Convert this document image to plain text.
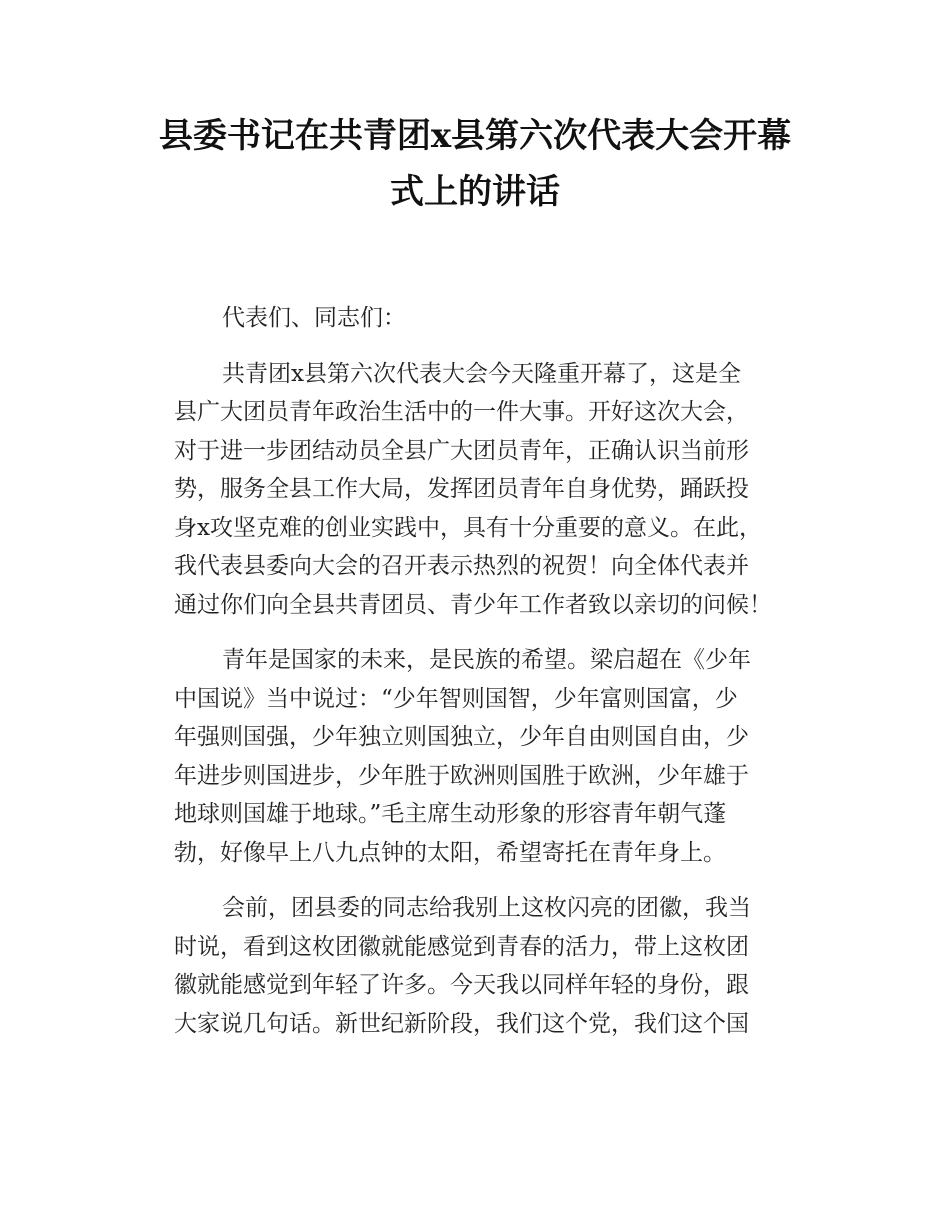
县委书记在共青团x县第六次代表大会开幕
式上的讲话

代表们、同志们：

共青团x县第六次代表大会今天隆重开幕了，这是全
县广大团员青年政治生活中的一件大事。开好这次大会，
对于进一步团结动员全县广大团员青年，正确认识当前形
势，服务全县工作大局，发挥团员青年自身优势，踊跃投
身x攻坚克难的创业实践中，具有十分重要的意义。在此，
我代表县委向大会的召开表示热烈的祝贺！向全体代表并
通过你们向全县共青团员、青少年工作者致以亲切的问候！

青年是国家的未来，是民族的希望。梁启超在《少年
中国说》当中说过：“少年智则国智，少年富则国富，少
年强则国强，少年独立则国独立，少年自由则国自由，少
年进步则国进步，少年胜于欧洲则国胜于欧洲，少年雄于
地球则国雄于地球。”毛主席生动形象的形容青年朝气蓬
勃，好像早上八九点钟的太阳，希望寄托在青年身上。

会前，团县委的同志给我别上这枚闪亮的团徽，我当
时说，看到这枚团徽就能感觉到青春的活力，带上这枚团
徽就能感觉到年轻了许多。今天我以同样年轻的身份，跟
大家说几句话。新世纪新阶段，我们这个党，我们这个国
